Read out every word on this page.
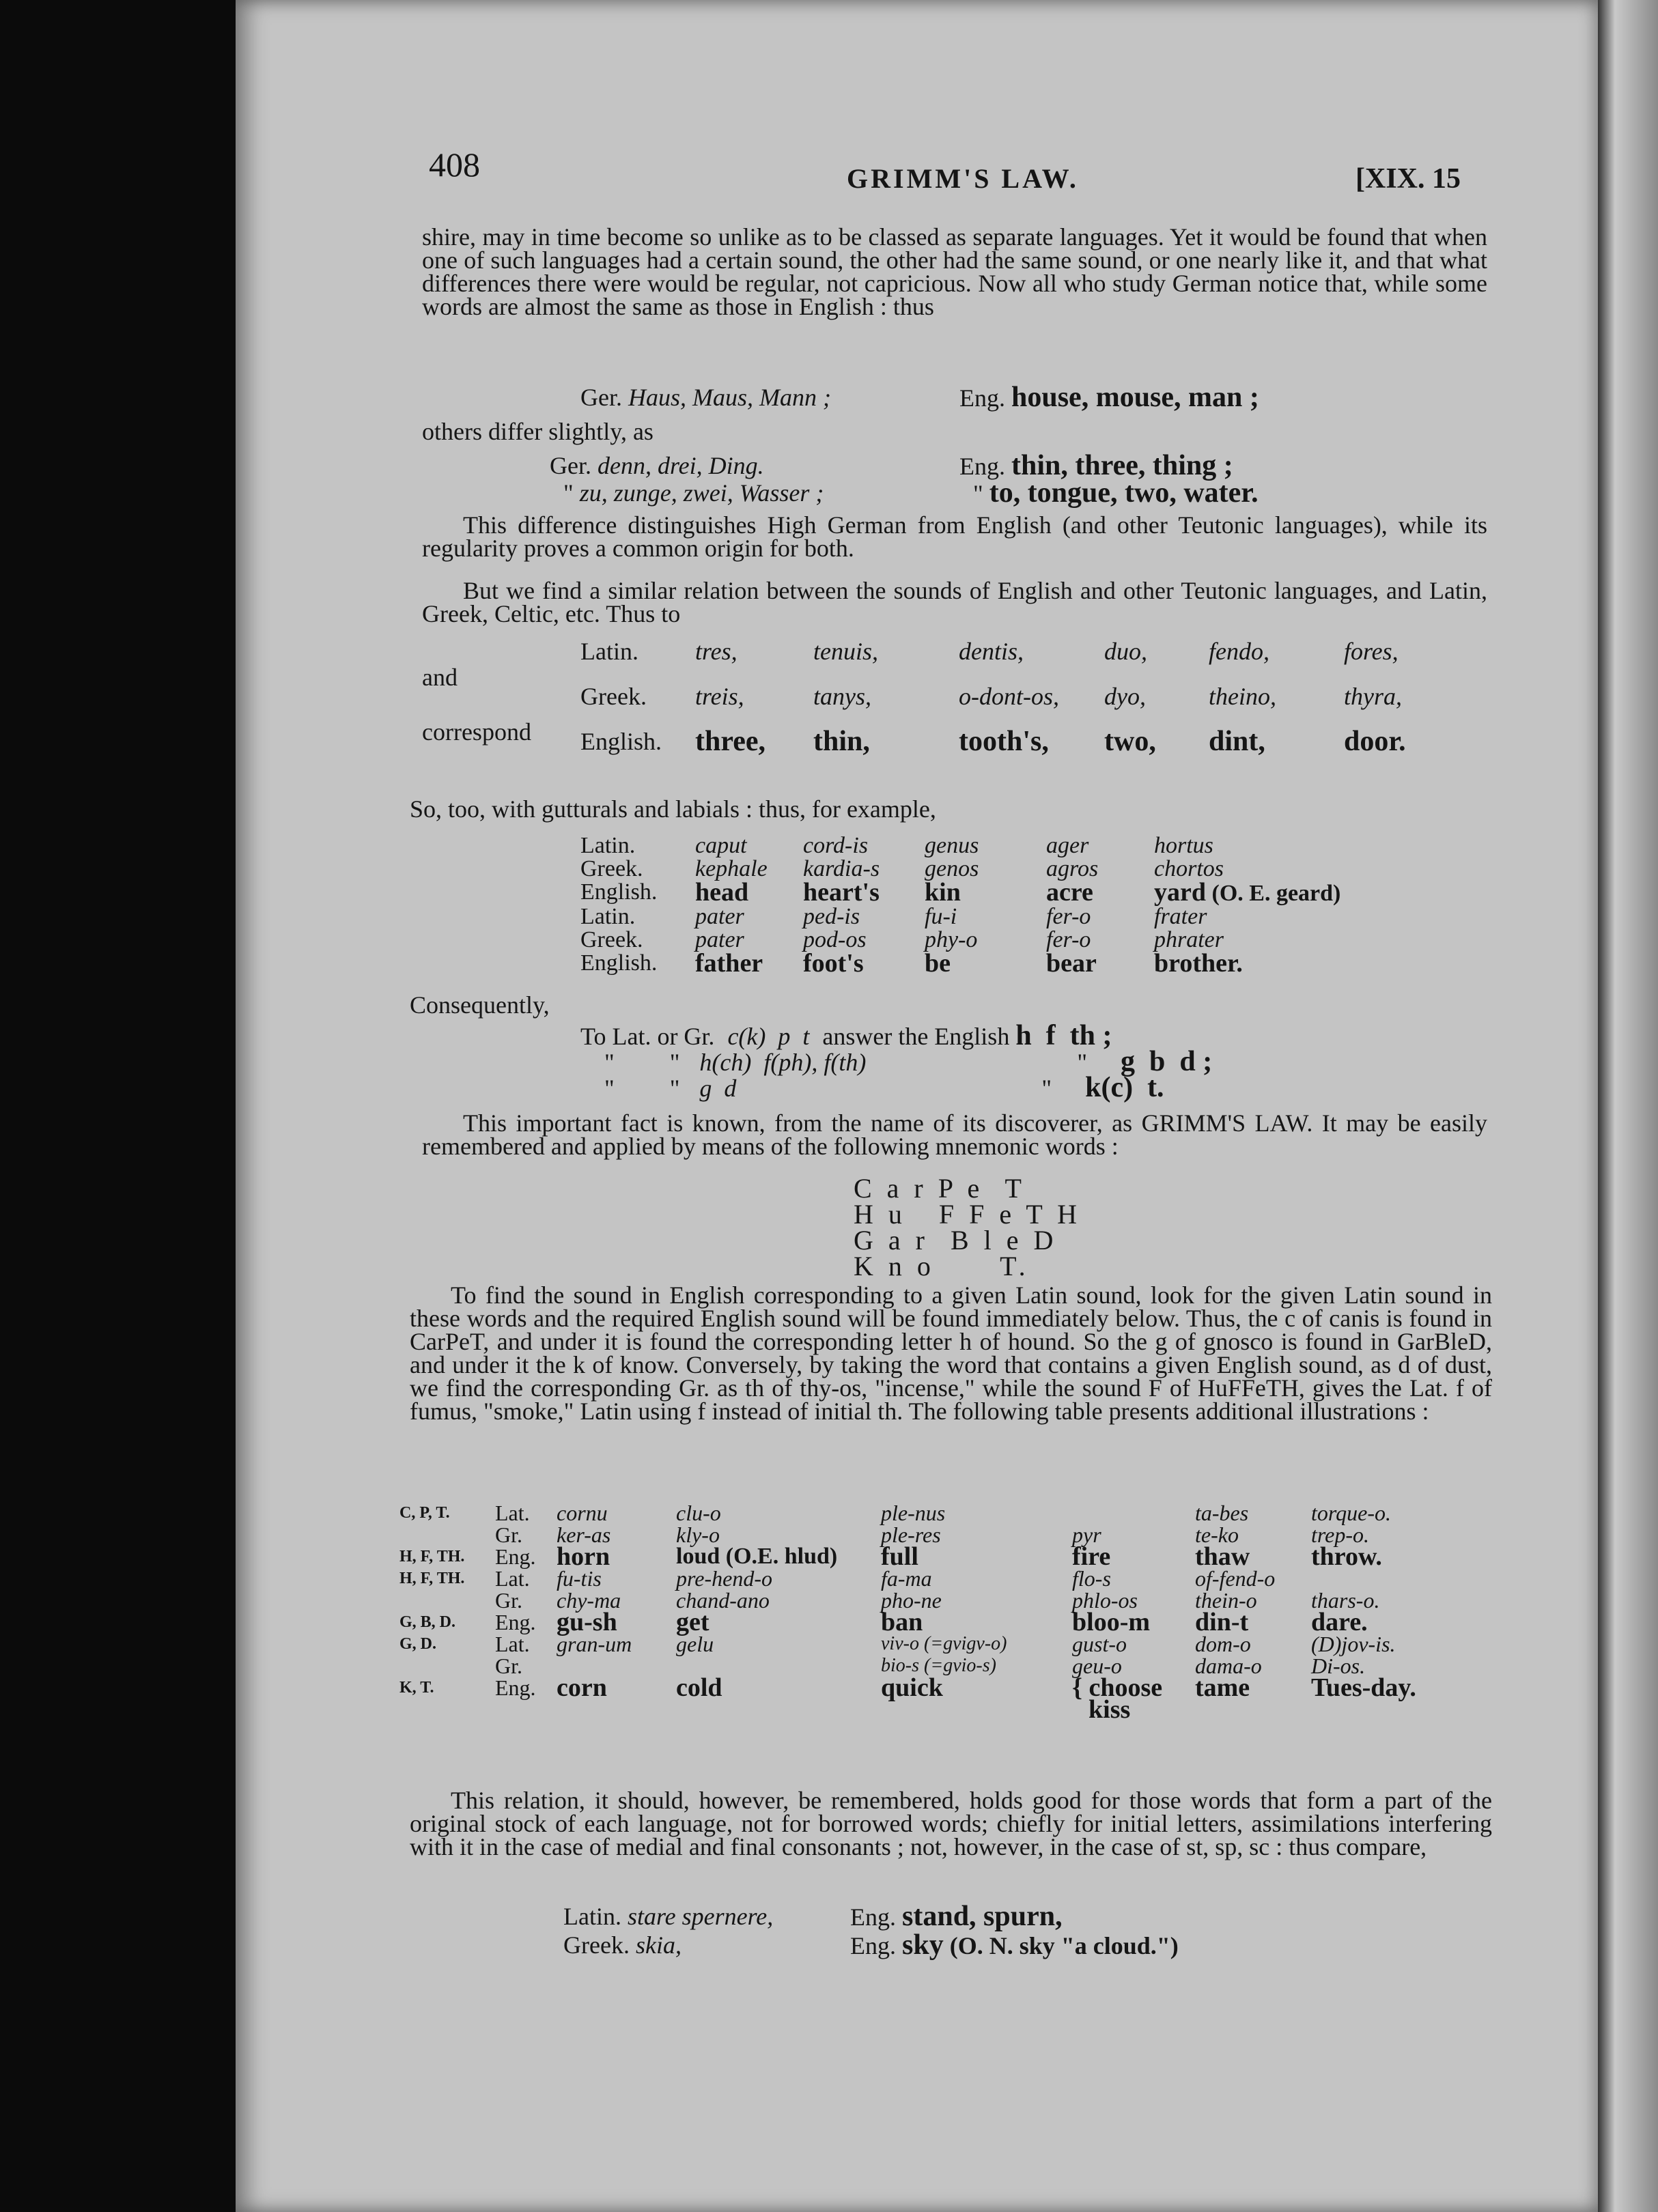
408	GRIMM'S LAW.	[XIX. 15

shire, may in time become so unlike as to be classed as separate languages. Yet it would be found that when one of such languages had a certain sound, the other had the same sound, or one nearly like it, and that what differences there were would be regular, not capricious. Now all who study German notice that, while some words are almost the same as those in English : thus

Ger. Haus, Maus, Mann ;	Eng. house, mouse, man ;
others differ slightly, as
Ger. denn, drei, Ding.	Eng. thin, three, thing ;
" zu, zunge, zwei, Wasser ;	" to, tongue, two, water.

This difference distinguishes High German from English (and other Teutonic languages), while its regularity proves a common origin for both.

But we find a similar relation between the sounds of English and other Teutonic languages, and Latin, Greek, Celtic, etc. Thus to

and
correspond
Latin.	tres,	tenuis,	dentis,	duo,	fendo,	fores,
Greek.	treis,	tanys,	o-dont-os,	dyo,	theino,	thyra,
English.	three,	thin,	tooth's,	two,	dint,	door.
So, too, with gutturals and labials : thus, for example,
Latin.	caput	cord-is	genus	ager	hortus
Greek.	kephale	kardia-s	genos	agros	chortos
English.	head	heart's	kin	acre	yard (O. E. geard)
Latin.	pater	ped-is	fu-i	fer-o	frater
Greek.	pater	pod-os	phy-o	fer-o	phrater
English.	father	foot's	be	bear	brother.
Consequently,
To Lat. or Gr. c(k)  p  t answer the English h  f  th ;
"         " h(ch)  f(ph), f(th)	" g  b  d ;
"         " g  d	" k(c)  t.

This important fact is known, from the name of its discoverer, as GRIMM'S LAW. It may be easily remembered and applied by means of the following mnemonic words :

C a r P e  T
H u   F F e T H
G a r  B l e D
K n o      T.

To find the sound in English corresponding to a given Latin sound, look for the given Latin sound in these words and the required English sound will be found immediately below. Thus, the c of canis is found in CarPeT, and under it is found the corresponding letter h of hound. So the g of gnosco is found in GarBleD, and under it the k of know. Conversely, by taking the word that contains a given English sound, as d of dust, we find the corresponding Gr. as th of thy-os, "incense," while the sound F of HuFFeTH, gives the Lat. f of fumus, "smoke," Latin using f instead of initial th. The following table presents additional illustrations :

C, P, T.	Lat.	cornu	clu-o	ple-nus		ta-bes	torque-o.
	Gr.	ker-as	kly-o	ple-res	pyr	te-ko	trep-o.
H, F, TH.	Eng.	horn	loud (O.E. hlud)	full	fire	thaw	throw.
H, F, TH.	Lat.	fu-tis	pre-hend-o	fa-ma	flo-s	of-fend-o	
	Gr.	chy-ma	chand-ano	pho-ne	phlo-os	thein-o	thars-o.
G, B, D.	Eng.	gu-sh	get	ban	bloo-m	din-t	dare.
G, D.	Lat.	gran-um	gelu	viv-o (=gvigv-o)	gust-o	dom-o	(D)jov-is.
	Gr.			bio-s (=gvio-s)	geu-o	dama-o	Di-os.
K, T.	Eng.	corn	cold	quick	{ choose	tame	Tues-day.
					kiss		

This relation, it should, however, be remembered, holds good for those words that form a part of the original stock of each language, not for borrowed words; chiefly for initial letters, assimilations interfering with it in the case of medial and final consonants ; not, however, in the case of st, sp, sc : thus compare,

Latin. stare spernere,	Eng. stand, spurn,
Greek. skia,	Eng. sky (O. N. sky "a cloud.")
